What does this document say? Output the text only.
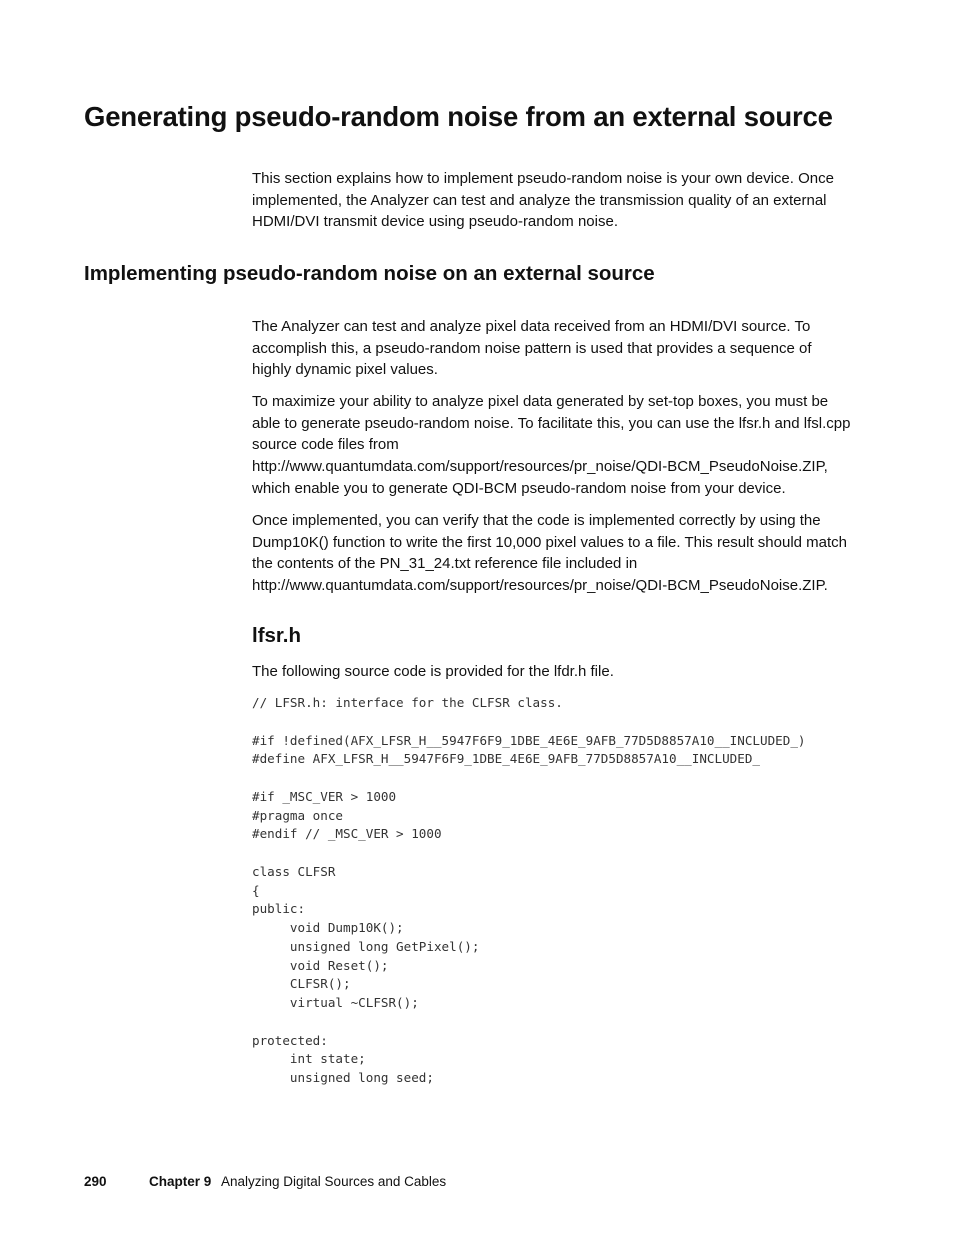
Generating pseudo-random noise from an external source

This section explains how to implement pseudo-random noise is your own device. Once
implemented, the Analyzer can test and analyze the transmission quality of an external
HDMI/DVI transmit device using pseudo-random noise.

Implementing pseudo-random noise on an external source

The Analyzer can test and analyze pixel data received from an HDMI/DVI source. To
accomplish this, a pseudo-random noise pattern is used that provides a sequence of
highly dynamic pixel values.

To maximize your ability to analyze pixel data generated by set-top boxes, you must be
able to generate pseudo-random noise. To facilitate this, you can use the lfsr.h and lfsl.cpp
source code files from
http://www.quantumdata.com/support/resources/pr_noise/QDI-BCM_PseudoNoise.ZIP,
which enable you to generate QDI-BCM pseudo-random noise from your device.

Once implemented, you can verify that the code is implemented correctly by using the
Dump10K() function to write the first 10,000 pixel values to a file. This result should match
the contents of the PN_31_24.txt reference file included in
http://www.quantumdata.com/support/resources/pr_noise/QDI-BCM_PseudoNoise.ZIP.

lfsr.h

The following source code is provided for the lfdr.h file.

// LFSR.h: interface for the CLFSR class.
#if !defined(AFX_LFSR_H__5947F6F9_1DBE_4E6E_9AFB_77D5D8857A10__INCLUDED_)
#define AFX_LFSR_H__5947F6F9_1DBE_4E6E_9AFB_77D5D8857A10__INCLUDED_
#if _MSC_VER > 1000
#pragma once
#endif // _MSC_VER > 1000
class CLFSR
{
public:
void Dump10K();
unsigned long GetPixel();
void Reset();
CLFSR();
virtual ~CLFSR();
protected:
int state;
unsigned long seed;
290	Chapter 9 Analyzing Digital Sources and Cables
